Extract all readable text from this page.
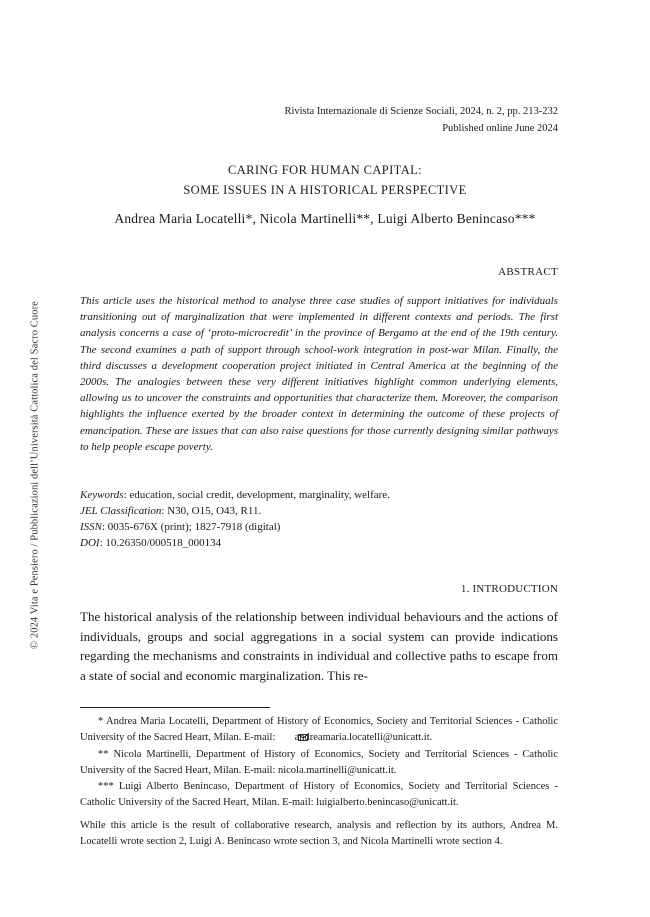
Rivista Internazionale di Scienze Sociali, 2024, n. 2, pp. 213-232
Published online June 2024
CARING FOR HUMAN CAPITAL:
SOME ISSUES IN A HISTORICAL PERSPECTIVE
Andrea Maria Locatelli*, Nicola Martinelli**, Luigi Alberto Benincaso***
ABSTRACT
This article uses the historical method to analyse three case studies of support initiatives for individuals transitioning out of marginalization that were implemented in different contexts and periods. The first analysis concerns a case of ‘proto-microcredit’ in the province of Bergamo at the end of the 19th century. The second examines a path of support through school-work integration in post-war Milan. Finally, the third discusses a development cooperation project initiated in Central America at the beginning of the 2000s. The analogies between these very different initiatives highlight common underlying elements, allowing us to uncover the constraints and opportunities that characterize them. Moreover, the comparison highlights the influence exerted by the broader context in determining the outcome of these projects of emancipation. These are issues that can also raise questions for those currently designing similar pathways to help people escape poverty.
Keywords: education, social credit, development, marginality, welfare.
JEL Classification: N30, O15, O43, R11.
ISSN: 0035-676X (print); 1827-7918 (digital)
DOI: 10.26350/000518_000134
1. INTRODUCTION
The historical analysis of the relationship between individual behaviours and the actions of individuals, groups and social aggregations in a social system can provide indications regarding the mechanisms and constraints in individual and collective paths to escape from a state of social and economic marginalization. This re-

* Andrea Maria Locatelli, Department of History of Economics, Society and Territorial Sciences - Catholic University of the Sacred Heart, Milan. E-mail: andreamaria.locatelli@unicatt.it.

** Nicola Martinelli, Department of History of Economics, Society and Territorial Sciences - Catholic University of the Sacred Heart, Milan. E-mail: nicola.martinelli@unicatt.it.

*** Luigi Alberto Benincaso, Department of History of Economics, Society and Territorial Sciences - Catholic University of the Sacred Heart, Milan. E-mail: luigialberto.benincaso@unicatt.it.

While this article is the result of collaborative research, analysis and reflection by its authors, Andrea M. Locatelli wrote section 2, Luigi A. Benincaso wrote section 3, and Nicola Martinelli wrote section 4.

© 2024 Vita e Pensiero / Pubblicazioni dell’Università Cattolica del Sacro Cuore
